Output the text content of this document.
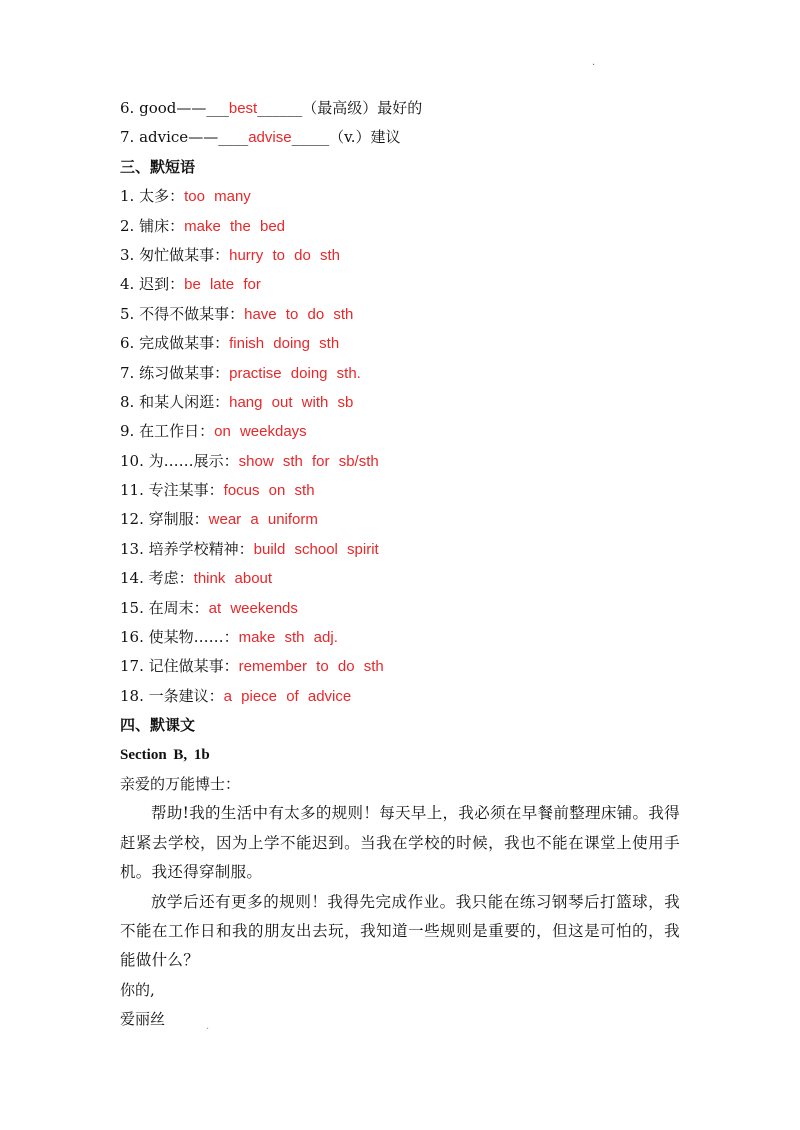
·
6. good——___best______（最高级）最好的
7. advice——____advise_____（v.）建议
三、默短语
1. 太多：too many
2. 铺床：make the bed
3. 匆忙做某事：hurry to do sth
4. 迟到：be late for
5. 不得不做某事：have to do sth
6. 完成做某事：finish doing sth
7. 练习做某事：practise doing sth.
8. 和某人闲逛：hang out with sb
9. 在工作日：on weekdays
10. 为……展示：show sth for sb/sth
11. 专注某事：focus on sth
12. 穿制服：wear a uniform
13. 培养学校精神：build school spirit
14. 考虑：think about
15. 在周末：at weekends
16. 使某物……：make sth adj.
17. 记住做某事：remember to do sth
18. 一条建议：a piece of advice
四、默课文
Section B, 1b
亲爱的万能博士：
帮助!我的生活中有太多的规则！每天早上，我必须在早餐前整理床铺。我得赶紧去学校，因为上学不能迟到。当我在学校的时候，我也不能在课堂上使用手机。我还得穿制服。
放学后还有更多的规则！我得先完成作业。我只能在练习钢琴后打篮球，我不能在工作日和我的朋友出去玩，我知道一些规则是重要的，但这是可怕的，我能做什么？
你的,
爱丽丝
·
